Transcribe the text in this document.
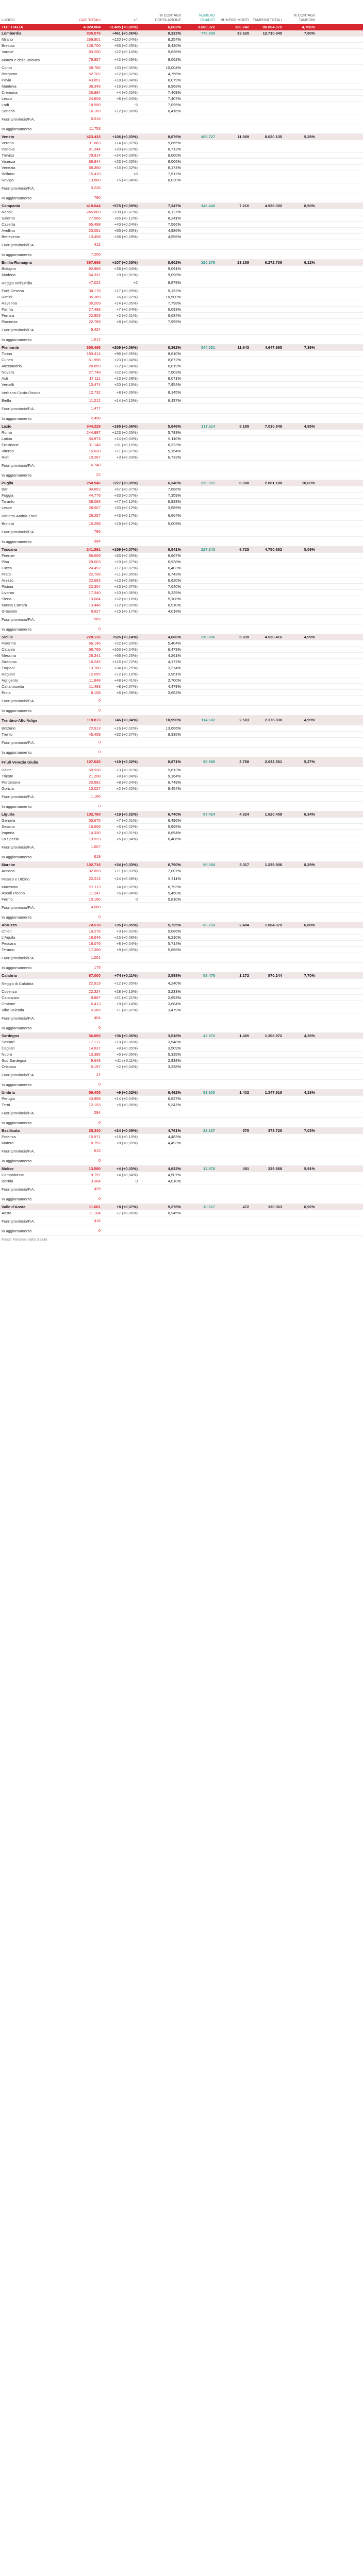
LUOGO	CASI TOTALI	+/-	% CONTAGI/ POPOLAZIONE	NUMERO GUARITI	NUMERO MORTI	TAMPONI TOTALI	% CONTAGI/ TAMPONI	
TOT. ITALIA	4.020.804	+3.485 (+0,09%)	6,662%	3.680.322	120.242	86.064.075	4,706%	
Lombardia	835.576	+461 (+0,06%)	8,323%	770.659	33.620	12.710.940	7,80%	
Milano	269.801	+120 (+0,04%)	8,254%					
Brescia	128.700	+55 (+0,05%)	8,420%					
Varese	83.250	+22 (+0,14%)	9,636%					
Monza e della Brianza	79.857	+42 (+0,05%)	9,062%					
Como	58.786	+33 (+0,06%)	10,004%					
Bergamo	52.702	+12 (+0,02%)	4,756%					
Pavia	43.851	+18 (+0,04%)	8,079%					
Mantova	36.349	+16 (+0,04%)	8,968%					
Cremona	26.884	+4 (+0,02%)	7,469%					
Lecco	24.809	+8 (+0,04%)	7,407%					
Lodi	18.590	-5	7,095%					
Sondrio	16.189	+12 (+0,08%)	8,416%					
Fuori provincia/P.A.	6.518							
In aggiornamento	11.753							
Veneto	423.433	+106 (+0,03%)	8,676%	405.727	11.969	8.020.135	5,28%	
Verona	91.883	+14 (+0,02%)	9,865%					
Padova	81.344	+20 (+0,02%)	8,712%					
Treviso	79.914	+24 (+0,03%)	9,000%					
Vicenza	68.844	+23 (+0,03%)	8,006%					
Venezia	68.360	+15 (+0,02%)	8,174%					
Belluno	15.410	+6	7,512%					
Rovigo	13.860	+5 (+0,04%)	8,020%					
Fuori provincia/P.A.	3.228							
In aggiornamento	790							
Campania	419.644	+575 (+0,09%)	7,347%	346.440	7.216	4.936.002	8,50%	
Napoli	245.803	+198 (+0,07%)	8,127%					
Salerno	77.566	+65 (+0,12%)	8,241%					
Caserta	65.498	+40 (+0,04%)	7,566%					
Avellino	20.051	+65 (+0,33%)	4,986%					
Benevento	13.458	+36 (+0,29%)	4,556%					
Fuori provincia/P.A.	412							
In aggiornamento	7.206							
Emilia-Romagna	367.686	+107 (+0,03%)	8,602%	320.179	13.189	6.272.736	6,12%	
Bologna	92.869	+38 (+0,04%)	9,091%					
Modena	64.331	+9 (+0,01%)	9,098%					
Reggio nell'Emilia	47.022	+2	8,879%					
Forlì-Cesena	38.178	+17 (+0,09%)	9,132%					
Rimini	35.365	+6 (+0,02%)	10,500%					
Ravenna	30.209	+14 (+0,05%)	7,798%					
Parma	27.488	+7 (+0,04%)	6,093%					
Ferrara	22.803	+2 (+0,01%)	6,634%					
Piacenza	22.789	+8 (+0,04%)	7,955%					
Fuori provincia/P.A.	5.424							
In aggiornamento	1.612							
Piemonte	360.465	+209 (+0,06%)	8,362%	344.031	11.643	4.647.695	7,39%	
Torino	193.414	+96 (+0,05%)	8,610%					
Cuneo	51.998	+23 (+0,04%)	8,872%					
Alessandria	28.859	+12 (+0,04%)	6,819%					
Novara	27.749	+22 (+0,08%)	7,603%					
Asti	17.111	+13 (+0,08%)	8,071%					
Vercelli	13.474	+20 (+0,15%)	7,954%					
Verbano-Cusio-Ossola	12.732	+8 (+0,06%)	8,145%					
Biella	11.212	+14 (+0,13%)	6,437%					
Fuori provincia/P.A.	1.477							
In aggiornamento	2.498							
Lazio	344.229	+195 (+0,06%)	5,946%	317.114	8.185	7.010.848	4,89%	
Roma	244.897	+123 (+0,05%)	5,793%					
Latina	34.973	+14 (+0,04%)	6,110%					
Frosinone	31.146	+31 (+0,10%)	6,323%					
Viterbo	15.620	+11 (+0,07%)	5,154%					
Rieti	10.267	+3 (+0,03%)	6,733%					
Fuori provincia/P.A.	6.740							
In aggiornamento	22							
Puglia	250.946	+227 (+0,09%)	6,340%	220.061	6.008	2.801.188	10,03%	
Bari	94.652	+67 (+0,07%)	7,686%					
Foggia	44.776	+33 (+0,07%)	7,359%					
Taranto	39.083	+47 (+0,12%)	6,928%					
Lecce	28.507	+33 (+0,12%)	3,589%					
Barletta-Andria-Trani	26.257	+43 (+0,17%)	6,664%					
Brindisi	16.298	+19 (+0,12%)	5,009%					
Fuori provincia/P.A.	786							
In aggiornamento	394							
Toscana	241.591	+159 (+0,07%)	6,541%	227.243	6.725	4.750.682	5,09%	
Firenze	66.669	+33 (+0,05%)	6,667%					
Pisa	29.003	+19 (+0,07%)	6,938%					
Lucca	24.492	+17 (+0,07%)	6,403%					
Prato	22.798	+11 (+0,05%)	8,743%					
Arezzo	22.663	+13 (+0,06%)	6,620%					
Pistoia	22.304	+15 (+0,07%)	7,640%					
Livorno	17.340	+10 (+0,06%)	5,225%					
Siena	13.684	+22 (+0,16%)	5,108%					
Massa Carrara	13.446	+12 (+0,09%)	6,910%					
Grosseto	8.627	+15 (+0,17%)	4,018%					
Fuori provincia/P.A.	565							
In aggiornamento	0							
Sicilia	228.135	+526 (+0,14%)	4,686%	210.806	5.839	4.530.416	4,99%	
Palermo	66.146	+22 (+0,03%)	5,404%					
Catania	68.769	+163 (+0,24%)	6,479%					
Messina	26.341	+66 (+0,25%)	4,261%					
Siracusa	16.245	+116 (+0,72%)	4,172%					
Trapani	13.760	+34 (+0,25%)	3,274%					
Ragusa	12.095	+12 (+0,10%)	3,961%					
Agrigento	11.848	+48 (+0,41%)	2,700%					
Caltanissetta	11.483	+8 (+0,07%)	4,479%					
Enna	8.108	+6 (+0,08%)	3,652%					
Fuori provincia/P.A.	0							
In aggiornamento	0							
Trentino-Alto Adige	118.873	+46 (+0,04%)	10,990%	114.682	2.503	2.376.830	4,99%	
Bolzano	72.913	+16 (+0,02%)	13,666%					
Trento	45.459	+32 (+0,07%)	8,335%					
Fuori provincia/P.A.	0							
In aggiornamento	0							
Friuli Venezia Giulia	107.020	+19 (+0,02%)	8,871%	98.399	3.788	2.032.361	5,27%	
Udine	50.938	+3 (+0,01%)	9,613%					
Trieste	21.208	+8 (+0,04%)	9,164%					
Pordenone	20.862	+8 (+0,04%)	6,749%					
Gorizia	13.027	+2 (+0,02%)	9,454%					
Fuori provincia/P.A.	1.186							
In aggiornamento	0							
Liguria	102.760	+19 (+0,02%)	6,740%	97.424	4.324	1.620.409	6,34%	
Genova	55.675	+7 (+0,01%)	6,496%					
Savona	16.606	+3 (+0,02%)	5,965%					
Imperia	14.330	+2 (+0,01%)	6,654%					
La Spezia	13.923	+6 (+0,04%)	6,406%					
Fuori provincia/P.A.	1.607							
In aggiornamento	619							
Marche	102.716	+34 (+0,03%)	6,790%	96.084	3.017	1.235.906	8,29%	
Ancona	32.893	+11 (+0,03%)	7,007%					
Pesaro e Urbino	22.213	+14 (+0,06%)	6,311%					
Macerata	21.113	+4 (+0,02%)	6,793%					
Ascoli Piceno	11.247	+5 (+0,04%)	5,450%					
Fermo	10.180	0	5,810%					
Fuori provincia/P.A.	4.060							
In aggiornamento	0							
Abruzzo	74.570	+35 (+0,05%)	5,725%	66.259	2.484	1.084.079	6,88%	
Chieti	19.278	+3 (+0,02%)	5,086%					
L'Aquila	18.646	+15 (+0,08%)	6,210%					
Pescara	18.076	+8 (+0,04%)	5,714%					
Teramo	17.390	+9 (+0,05%)	5,666%					
Fuori provincia/P.A.	1.001							
In aggiornamento	179							
Calabria	67.000	+74 (+0,11%)	3,598%	58.478	1.172	870.244	7,70%	
Reggio di Calabria	22.919	+12 (+0,05%)	4,240%					
Cosenza	22.324	+28 (+0,13%)	3,233%					
Catanzaro	9.867	+21 (+0,21%)	2,653%					
Crotone	6.413	+9 (+0,14%)	3,684%					
Vibo Valentia	5.365	+1 (+0,02%)	3,479%					
Fuori provincia/P.A.	404							
In aggiornamento	0							
Sardegna	56.895	+36 (+0,06%)	3,518%	42.570	1.465	1.308.972	4,35%	
Sassari	17.177	+10 (+0,06%)	3,548%					
Cagliari	14.837	+8 (+0,05%)	3,509%					
Nuoro	10.395	+5 (+0,05%)	5,335%					
Sud Sardegna	9.648	+11 (+0,11%)	2,838%					
Oristano	5.197	+2 (+0,04%)	3,338%					
Fuori provincia/P.A.	14							
In aggiornamento	0							
Umbria	56.405	+9 (+0,02%)	6,462%	53.600	1.402	1.347.918	4,18%	
Perugia	43.958	+14 (+0,04%)	6,627%					
Terni	12.153	+6 (+0,06%)	5,347%					
Fuori provincia/P.A.	294							
In aggiornamento	0							
Basilicata	25.340	+24 (+0,09%)	4,761%	22.137	579	373.728	7,03%	
Potenza	15.971	+16 (+0,10%)	4,483%					
Matera	8.752	+8 (+0,09%)	4,493%					
Fuori provincia/P.A.	615							
In aggiornamento	0							
Molise	13.590	+4 (+0,03%)	4,622%	12.878	491	229.868	5,91%	
Campobasso	9.797	+4 (+0,04%)	4,507%					
Isernia	3.364	0	4,010%					
Fuori provincia/P.A.	429							
In aggiornamento	0							
Valle d'Aosta	11.601	+8 (+0,07%)	9,278%	10.617	472	130.063	8,92%	
Aosta	11.184	+7 (+0,06%)	8,945%					
Fuori provincia/P.A.	416							
In aggiornamento	0							
Fonte: Ministero della Salute
